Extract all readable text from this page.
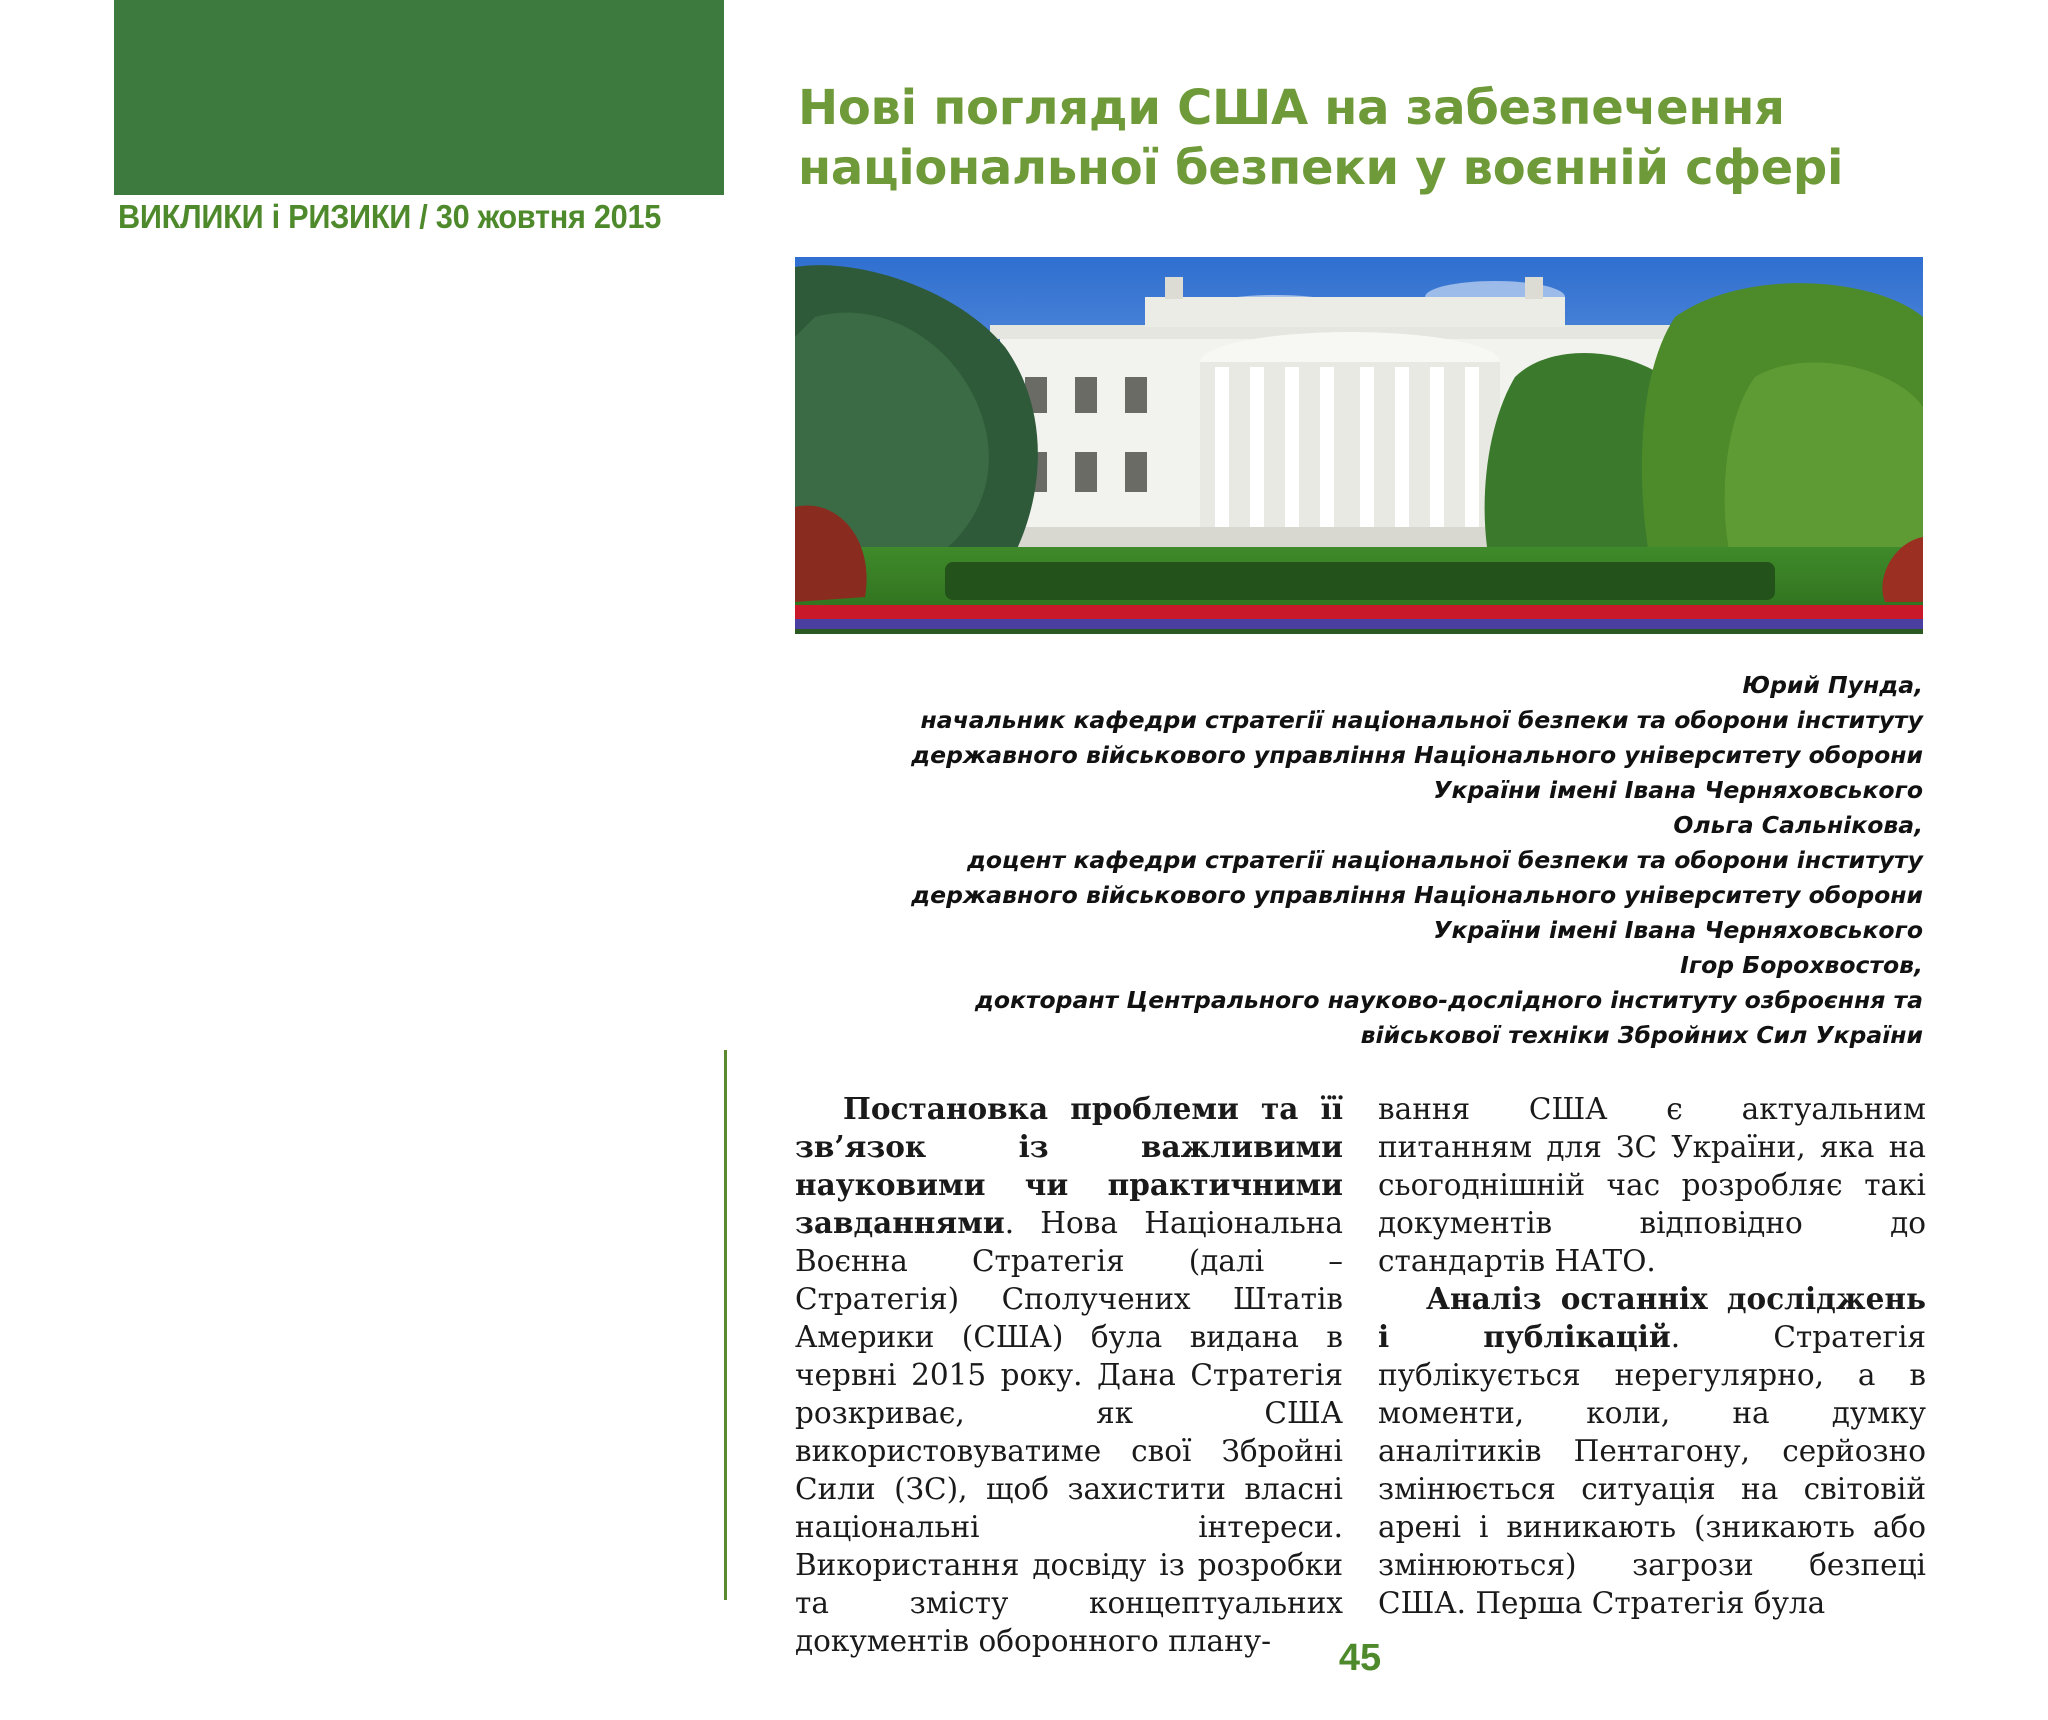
ВИКЛИКИ і РИЗИКИ / 30 жовтня 2015
Нові погляди США на забезпечення
національної безпеки у воєнній сфері
Юрий Пунда,
начальник кафедри стратегії національної безпеки та оборони інституту
державного військового управління Національного університету оборони
України імені Івана Черняховського
Ольга Сальнікова,
доцент кафедри стратегії національної безпеки та оборони інституту
державного військового управління Національного університету оборони
України імені Івана Черняховського
Ігор Борохвостов,
докторант Центрального науково-дослідного інституту озброєння та
військової техніки Збройних Сил України

Постановка проблеми та її зв’язок із важливими науковими чи практичними завданнями. Нова Національна Воєнна Стратегія (далі – Стратегія) Сполучених Штатів Америки (США) була видана в червні 2015 року. Дана Стратегія розкриває, як США використовуватиме свої Збройні Сили (ЗС), щоб захистити власні національні інтереси. Використання досвіду із розробки та змісту концептуальних документів оборонного плану-

вання США є актуальним питанням для ЗС України, яка на сьогоднішній час розробляє такі документів відповідно до стандартів НАТО.

Аналіз останніх досліджень і публікацій. Стратегія публікується нерегулярно, а в моменти, коли, на думку аналітиків Пентагону, серйозно змінюється ситуація на світовій арені і виникають (зникають або змінюються) загрози безпеці США. Перша Стратегія була

45
